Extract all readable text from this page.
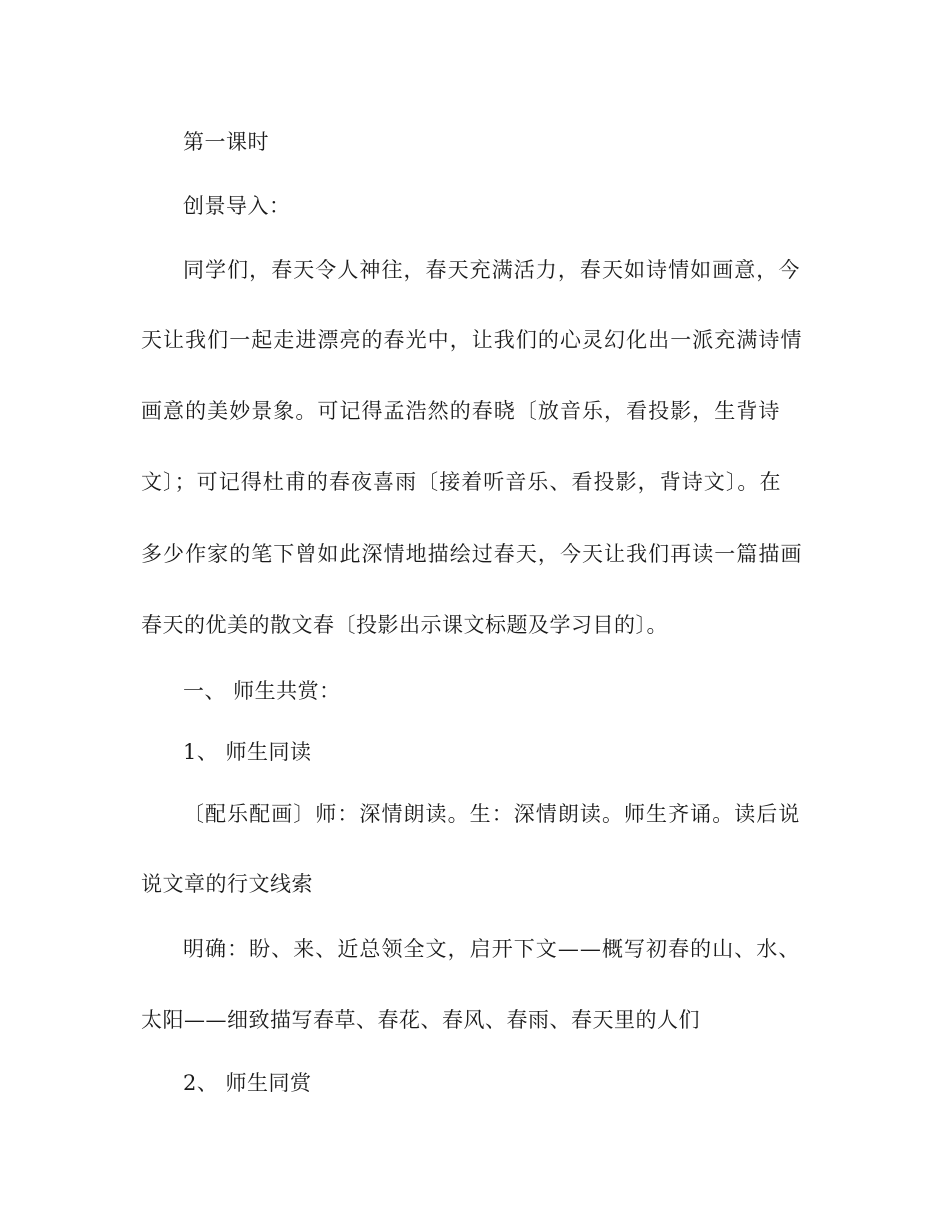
第一课时
创景导入：
同学们，春天令人神往，春天充满活力，春天如诗情如画意，今
天让我们一起走进漂亮的春光中，让我们的心灵幻化出一派充满诗情
画意的美妙景象。可记得孟浩然的春晓〔放音乐，看投影，生背诗
文〕；可记得杜甫的春夜喜雨〔接着听音乐、看投影，背诗文〕。在
多少作家的笔下曾如此深情地描绘过春天，今天让我们再读一篇描画
春天的优美的散文春〔投影出示课文标题及学习目的〕。
一、 师生共赏：
1、 师生同读
〔配乐配画〕师：深情朗读。生：深情朗读。师生齐诵。读后说
说文章的行文线索
明确：盼、来、近总领全文，启开下文——概写初春的山、水、
太阳——细致描写春草、春花、春风、春雨、春天里的人们
2、 师生同赏
